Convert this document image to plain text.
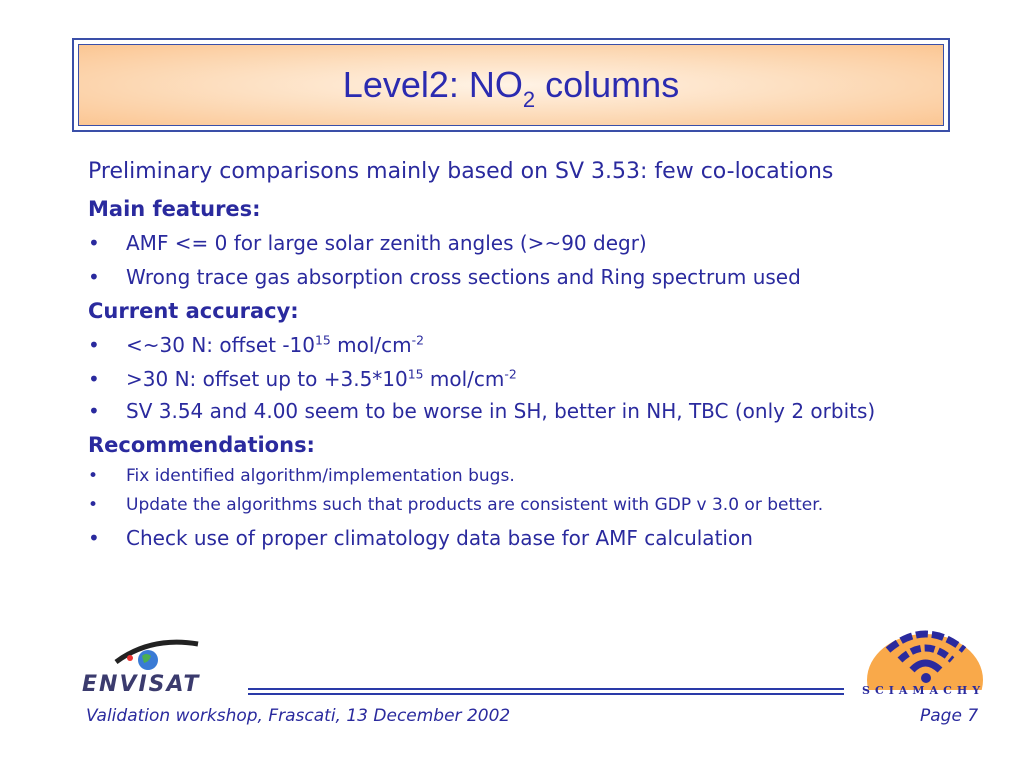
Level2: $NO_2$ columns
Preliminary comparisons mainly based on SV 3.53: few co-locations
Main features:
• AMF <= 0 for large solar zenith angles (>~90 degr)
• Wrong trace gas absorption cross sections and Ring spectrum used
Current accuracy:
• <~30 N: offset $-10^{15}$ mol/$cm^{-2}$
• >30 N: offset up to $+3.5*10^{15}$ mol/$cm^{-2}$
• SV 3.54 and 4.00 seem to be worse in SH, better in NH, TBC (only 2 orbits)
Recommendations:
• Fix identified algorithm/implementation bugs.
• Update the algorithms such that products are consistent with GDP v 3.0 or better.
• Check use of proper climatology data base for AMF calculation
ENVISAT	SCIAMACHY
Validation workshop, Frascati, 13 December 2002	Page 7
